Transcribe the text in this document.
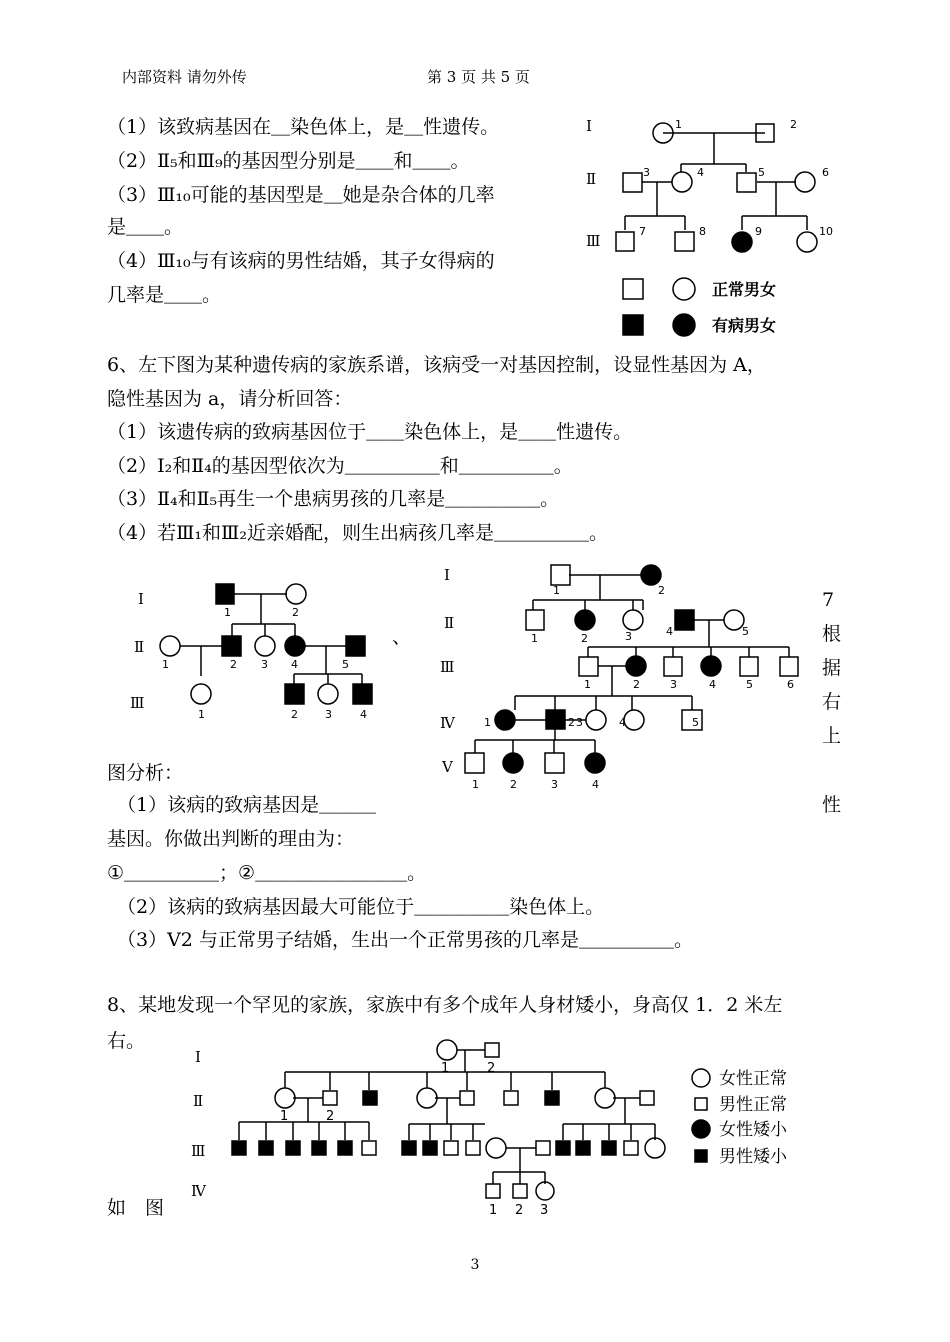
内部资料 请勿外传	第 3 页 共 5 页
（1）该致病基因在＿染色体上，是＿性遗传。
（2）Ⅱ₅和Ⅲ₉的基因型分别是＿＿和＿＿。
（3）Ⅲ₁₀可能的基因型是＿她是杂合体的几率
是＿＿。
（4）Ⅲ₁₀与有该病的男性结婚，其子女得病的
几率是＿＿。
Ⅰ
Ⅱ
Ⅲ
1	2
3	4	5	6
7	8	9	10
正常男女
有病男女
6、左下图为某种遗传病的家族系谱，该病受一对基因控制，设显性基因为 A，
隐性基因为 a，请分析回答：
（1）该遗传病的致病基因位于＿＿染色体上，是＿＿性遗传。
（2）Ⅰ₂和Ⅱ₄的基因型依次为＿＿＿＿＿和＿＿＿＿＿。
（3）Ⅱ₄和Ⅱ₅再生一个患病男孩的几率是＿＿＿＿＿。
（4）若Ⅲ₁和Ⅲ₂近亲婚配，则生出病孩几率是＿＿＿＿＿。
Ⅰ
Ⅱ
Ⅲ
1	2
1	2 3 4	5
1	2 3	4
、
Ⅰ
Ⅱ
Ⅲ
Ⅳ
Ⅴ
1	2
1	2	3	4	5
1	2	3	4	5	6
1	2 3	4	5
1	2	3	4
7
根
据
右
上
图分析：
（1）该病的致病基因是＿＿＿	性
基因。你做出判断的理由为：
①＿＿＿＿＿；②＿＿＿＿＿＿＿＿。
（2）该病的致病基因最大可能位于＿＿＿＿＿染色体上。
（3）V2 与正常男子结婚，生出一个正常男孩的几率是＿＿＿＿＿。
8、某地发现一个罕见的家族，家族中有多个成年人身材矮小，身高仅 1．2 米左
右。
如　图
Ⅰ
Ⅱ
Ⅲ
Ⅳ
1	2
1	2
1 2 3
女性正常
男性正常
女性矮小
男性矮小
3
